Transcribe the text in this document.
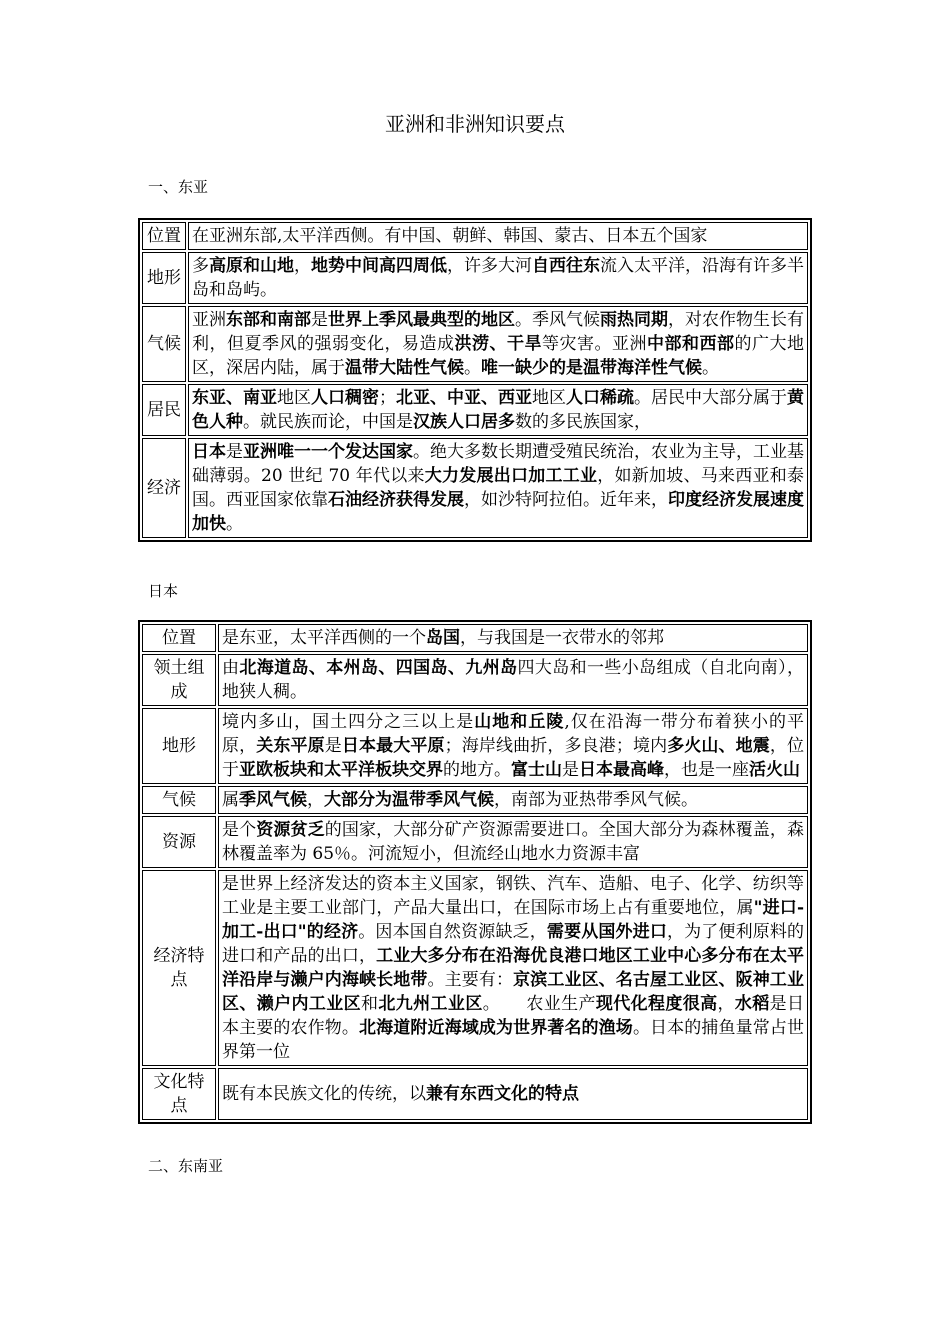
亚洲和非洲知识要点
一、东亚
位置	在亚洲东部,太平洋西侧。有中国、朝鲜、韩国、蒙古、日本五个国家
地形	多高原和山地，地势中间高四周低，许多大河自西往东流入太平洋，沿海有许多半岛和岛屿。
气候	亚洲东部和南部是世界上季风最典型的地区。季风气候雨热同期，对农作物生长有利，但夏季风的强弱变化，易造成洪涝、干旱等灾害。亚洲中部和西部的广大地区，深居内陆，属于温带大陆性气候。唯一缺少的是温带海洋性气候。
居民	东亚、南亚地区人口稠密；北亚、中亚、西亚地区人口稀疏。居民中大部分属于黄色人种。就民族而论，中国是汉族人口居多数的多民族国家，
经济	日本是亚洲唯一一个发达国家。绝大多数长期遭受殖民统治，农业为主导，工业基础薄弱。20 世纪 70 年代以来大力发展出口加工工业，如新加坡、马来西亚和泰国。西亚国家依靠石油经济获得发展，如沙特阿拉伯。近年来，印度经济发展速度加快。
日本
位置	是东亚，太平洋西侧的一个岛国，与我国是一衣带水的邻邦
领土组成	由北海道岛、本州岛、四国岛、九州岛四大岛和一些小岛组成（自北向南），地狭人稠。
地形	境内多山，国土四分之三以上是山地和丘陵,仅在沿海一带分布着狭小的平原，关东平原是日本最大平原；海岸线曲折，多良港；境内多火山、地震，位于亚欧板块和太平洋板块交界的地方。富士山是日本最高峰，也是一座活火山
气候	属季风气候，大部分为温带季风气候，南部为亚热带季风气候。
资源	是个资源贫乏的国家，大部分矿产资源需要进口。全国大部分为森林覆盖，森林覆盖率为 65％。河流短小，但流经山地水力资源丰富
经济特点	是世界上经济发达的资本主义国家，钢铁、汽车、造船、电子、化学、纺织等工业是主要工业部门，产品大量出口，在国际市场上占有重要地位，属"进口-加工-出口"的经济。因本国自然资源缺乏，需要从国外进口，为了便利原料的进口和产品的出口，工业大多分布在沿海优良港口地区工业中心多分布在太平洋沿岸与濑户内海峡长地带。主要有：京滨工业区、名古屋工业区、阪神工业区、濑户内工业区和北九州工业区。　　农业生产现代化程度很高，水稻是日本主要的农作物。北海道附近海域成为世界著名的渔场。日本的捕鱼量常占世界第一位
文化特点	既有本民族文化的传统，以兼有东西文化的特点
二、东南亚
